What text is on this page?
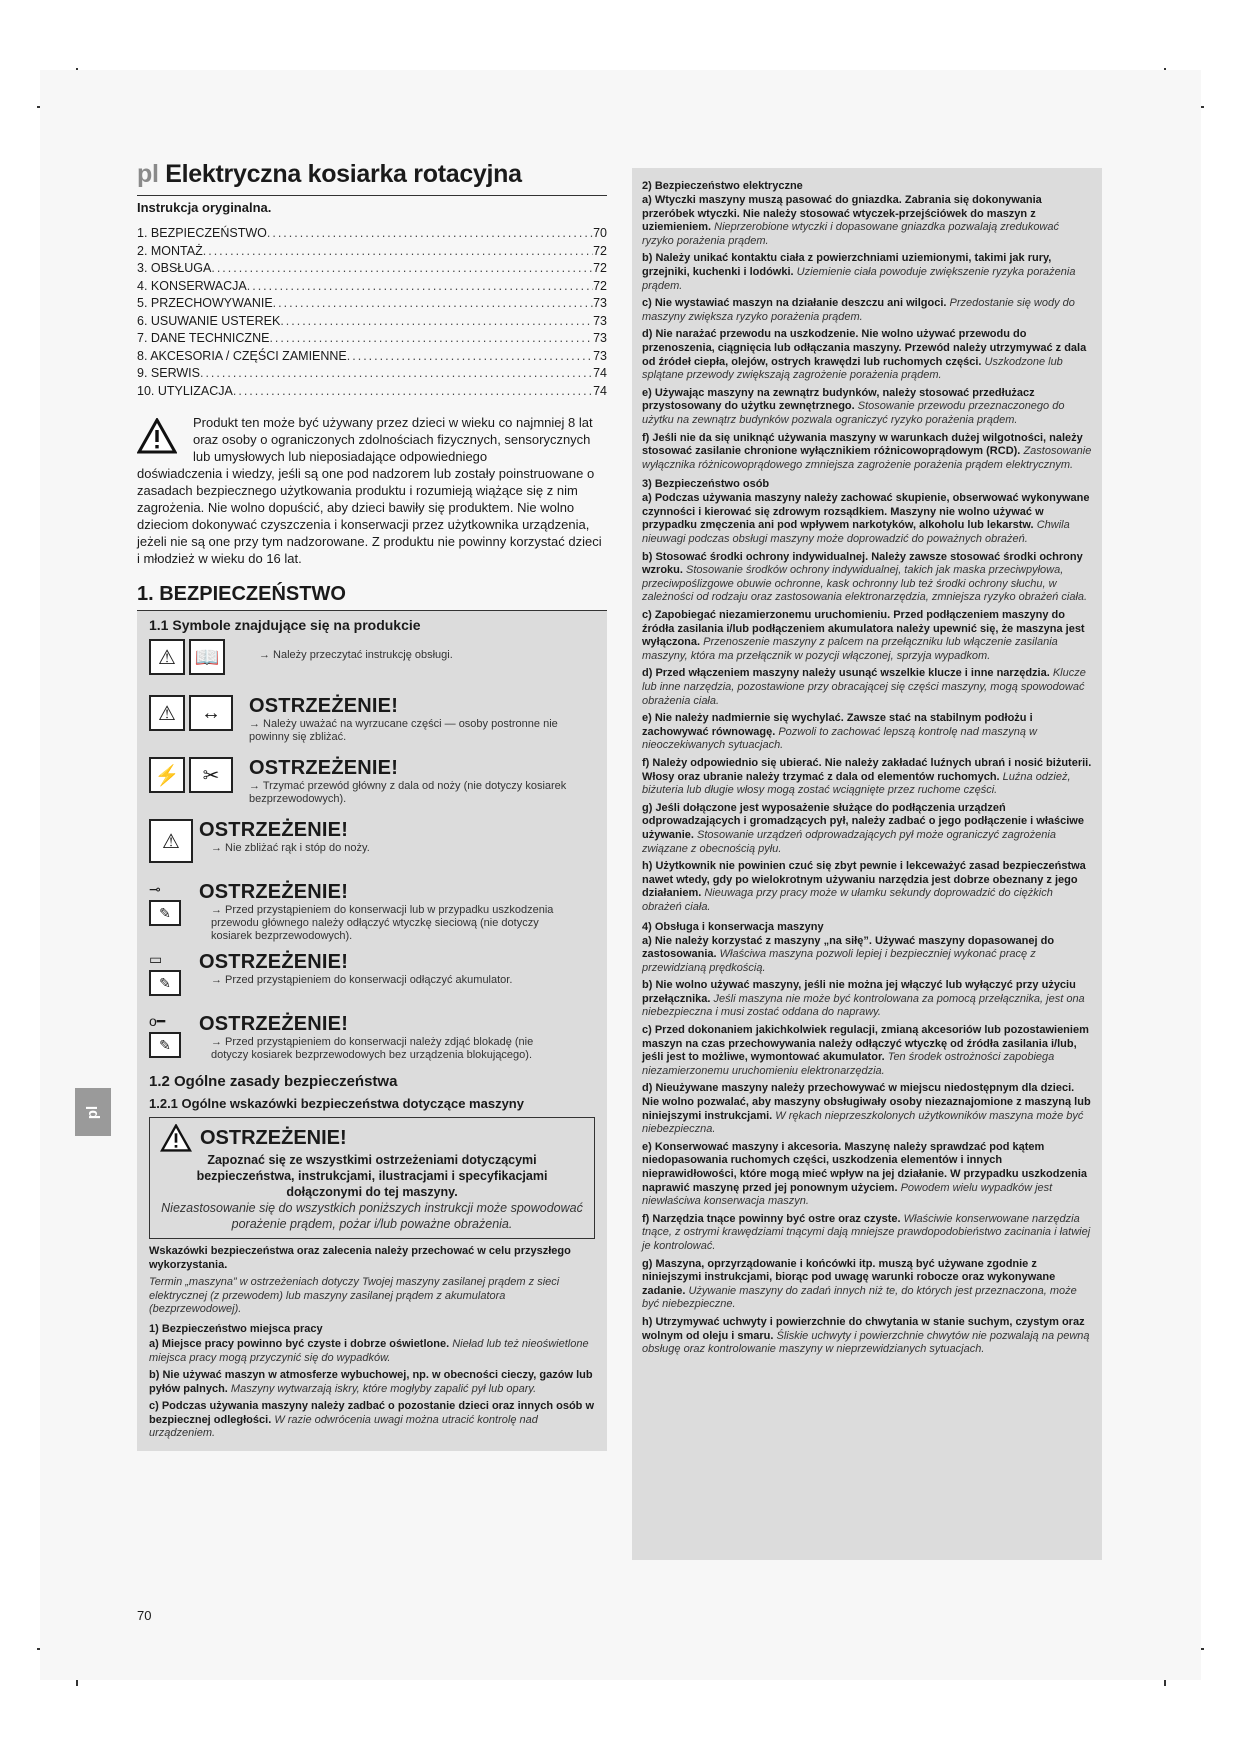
pl
pl Elektryczna kosiarka rotacyjna
Instrukcja oryginalna.
1. BEZPIECZEŃSTWO .....	70
2. MONTAŻ .....	72
3. OBSŁUGA .....	72
4. KONSERWACJA .....	72
5. PRZECHOWYWANIE .....	73
6. USUWANIE USTEREK .....	73
7. DANE TECHNICZNE .....	73
8. AKCESORIA / CZĘŚCI ZAMIENNE .....	73
9. SERWIS .....	74
10. UTYLIZACJA .....	74
Produkt ten może być używany przez dzieci w wieku co najmniej 8 lat oraz osoby o ograniczonych zdolnościach fizycznych, sensorycznych lub umysłowych lub nieposiadające odpowiedniego
doświadczenia i wiedzy, jeśli są one pod nadzorem lub zostały poinstruowane o zasadach bezpiecznego użytkowania produktu i rozumieją wiążące się z nim zagrożenia. Nie wolno dopuścić, aby dzieci bawiły się produktem. Nie wolno dzieciom dokonywać czyszczenia i konserwacji przez użytkownika urządzenia, jeżeli nie są one przy tym nadzorowane. Z produktu nie powinny korzystać dzieci i młodzież w wieku do 16 lat.
1. BEZPIECZEŃSTWO
1.1 Symbole znajdujące się na produkcie
⚠ 📖	→ Należy przeczytać instrukcję obsługi.
⚠	↔	OSTRZEŻENIE!
→ Należy uważać na wyrzucane części — osoby postronne nie powinny się zbliżać.
⚡	✂	OSTRZEŻENIE!
→ Trzymać przewód główny z dala od noży (nie dotyczy kosiarek bezprzewodowych).
⚠
OSTRZEŻENIE!
→ Nie zbliżać rąk i stóp do noży.
⊸
✎
OSTRZEŻENIE!
→ Przed przystąpieniem do konserwacji lub w przypadku uszkodzenia przewodu głównego należy odłączyć wtyczkę sieciową (nie dotyczy kosiarek bezprzewodowych).
▭
✎
OSTRZEŻENIE!
→ Przed przystąpieniem do konserwacji odłączyć akumulator.
o━
✎
OSTRZEŻENIE!
→ Przed przystąpieniem do konserwacji należy zdjąć blokadę (nie dotyczy kosiarek bezprzewodowych bez urządzenia blokującego).
1.2 Ogólne zasady bezpieczeństwa
1.2.1 Ogólne wskazówki bezpieczeństwa dotyczące maszyny
OSTRZEŻENIE!
Zapoznać się ze wszystkimi ostrzeżeniami dotyczącymi bezpieczeństwa, instrukcjami, ilustracjami i specyfikacjami dołączonymi do tej maszyny.
Niezastosowanie się do wszystkich poniższych instrukcji może spowodować porażenie prądem, pożar i/lub poważne obrażenia.
Wskazówki bezpieczeństwa oraz zalecenia należy przechować w celu przyszłego wykorzystania.
Termin „maszyna” w ostrzeżeniach dotyczy Twojej maszyny zasilanej prądem z sieci elektrycznej (z przewodem) lub maszyny zasilanej prądem z akumulatora (bezprzewodowej).
1) Bezpieczeństwo miejsca pracy
a) Miejsce pracy powinno być czyste i dobrze oświetlone. Nieład lub też nieoświetlone miejsca pracy mogą przyczynić się do wypadków.
b) Nie używać maszyn w atmosferze wybuchowej, np. w obecności cieczy, gazów lub pyłów palnych. Maszyny wytwarzają iskry, które mogłyby zapalić pył lub opary.
c) Podczas używania maszyny należy zadbać o pozostanie dzieci oraz innych osób w bezpiecznej odległości. W razie odwrócenia uwagi można utracić kontrolę nad urządzeniem.
2) Bezpieczeństwo elektryczne
a) Wtyczki maszyny muszą pasować do gniazdka. Zabrania się dokonywania przeróbek wtyczki. Nie należy stosować wtyczek-przejściówek do maszyn z uziemieniem. Nieprzerobione wtyczki i dopasowane gniazdka pozwalają zredukować ryzyko porażenia prądem.
b) Należy unikać kontaktu ciała z powierzchniami uziemionymi, takimi jak rury, grzejniki, kuchenki i lodówki. Uziemienie ciała powoduje zwiększenie ryzyka porażenia prądem.
c) Nie wystawiać maszyn na działanie deszczu ani wilgoci. Przedostanie się wody do maszyny zwiększa ryzyko porażenia prądem.
d) Nie narażać przewodu na uszkodzenie. Nie wolno używać przewodu do przenoszenia, ciągnięcia lub odłączania maszyny. Przewód należy utrzymywać z dala od źródeł ciepła, olejów, ostrych krawędzi lub ruchomych części. Uszkodzone lub splątane przewody zwiększają zagrożenie porażenia prądem.
e) Używając maszyny na zewnątrz budynków, należy stosować przedłużacz przystosowany do użytku zewnętrznego. Stosowanie przewodu przeznaczonego do użytku na zewnątrz budynków pozwala ograniczyć ryzyko porażenia prądem.
f) Jeśli nie da się uniknąć używania maszyny w warunkach dużej wilgotności, należy stosować zasilanie chronione wyłącznikiem różnicowoprądowym (RCD). Zastosowanie wyłącznika różnicowoprądowego zmniejsza zagrożenie porażenia prądem elektrycznym.
3) Bezpieczeństwo osób
a) Podczas używania maszyny należy zachować skupienie, obserwować wykonywane czynności i kierować się zdrowym rozsądkiem. Maszyny nie wolno używać w przypadku zmęczenia ani pod wpływem narkotyków, alkoholu lub lekarstw. Chwila nieuwagi podczas obsługi maszyny może doprowadzić do poważnych obrażeń.
b) Stosować środki ochrony indywidualnej. Należy zawsze stosować środki ochrony wzroku. Stosowanie środków ochrony indywidualnej, takich jak maska przeciwpyłowa, przeciwpoślizgowe obuwie ochronne, kask ochronny lub też środki ochrony słuchu, w zależności od rodzaju oraz zastosowania elektronarzędzia, zmniejsza ryzyko obrażeń ciała.
c) Zapobiegać niezamierzonemu uruchomieniu. Przed podłączeniem maszyny do źródła zasilania i/lub podłączeniem akumulatora należy upewnić się, że maszyna jest wyłączona. Przenoszenie maszyny z palcem na przełączniku lub włączenie zasilania maszyny, która ma przełącznik w pozycji włączonej, sprzyja wypadkom.
d) Przed włączeniem maszyny należy usunąć wszelkie klucze i inne narzędzia. Klucze lub inne narzędzia, pozostawione przy obracającej się części maszyny, mogą spowodować obrażenia ciała.
e) Nie należy nadmiernie się wychylać. Zawsze stać na stabilnym podłożu i zachowywać równowagę. Pozwoli to zachować lepszą kontrolę nad maszyną w nieoczekiwanych sytuacjach.
f) Należy odpowiednio się ubierać. Nie należy zakładać luźnych ubrań i nosić biżuterii. Włosy oraz ubranie należy trzymać z dala od elementów ruchomych. Luźna odzież, biżuteria lub długie włosy mogą zostać wciągnięte przez ruchome części.
g) Jeśli dołączone jest wyposażenie służące do podłączenia urządzeń odprowadzających i gromadzących pył, należy zadbać o jego podłączenie i właściwe używanie. Stosowanie urządzeń odprowadzających pył może ograniczyć zagrożenia związane z obecnością pyłu.
h) Użytkownik nie powinien czuć się zbyt pewnie i lekceważyć zasad bezpieczeństwa nawet wtedy, gdy po wielokrotnym używaniu narzędzia jest dobrze obeznany z jego działaniem. Nieuwaga przy pracy może w ułamku sekundy doprowadzić do ciężkich obrażeń ciała.
4) Obsługa i konserwacja maszyny
a) Nie należy korzystać z maszyny „na siłę”. Używać maszyny dopasowanej do zastosowania. Właściwa maszyna pozwoli lepiej i bezpieczniej wykonać pracę z przewidzianą prędkością.
b) Nie wolno używać maszyny, jeśli nie można jej włączyć lub wyłączyć przy użyciu przełącznika. Jeśli maszyna nie może być kontrolowana za pomocą przełącznika, jest ona niebezpieczna i musi zostać oddana do naprawy.
c) Przed dokonaniem jakichkolwiek regulacji, zmianą akcesoriów lub pozostawieniem maszyn na czas przechowywania należy odłączyć wtyczkę od źródła zasilania i/lub, jeśli jest to możliwe, wymontować akumulator. Ten środek ostrożności zapobiega niezamierzonemu uruchomieniu elektronarzędzia.
d) Nieużywane maszyny należy przechowywać w miejscu niedostępnym dla dzieci. Nie wolno pozwalać, aby maszyny obsługiwały osoby niezaznajomione z maszyną lub niniejszymi instrukcjami. W rękach nieprzeszkolonych użytkowników maszyna może być niebezpieczna.
e) Konserwować maszyny i akcesoria. Maszynę należy sprawdzać pod kątem niedopasowania ruchomych części, uszkodzenia elementów i innych nieprawidłowości, które mogą mieć wpływ na jej działanie. W przypadku uszkodzenia naprawić maszynę przed jej ponownym użyciem. Powodem wielu wypadków jest niewłaściwa konserwacja maszyn.
f) Narzędzia tnące powinny być ostre oraz czyste. Właściwie konserwowane narzędzia tnące, z ostrymi krawędziami tnącymi dają mniejsze prawdopodobieństwo zacinania i łatwiej je kontrolować.
g) Maszyna, oprzyrządowanie i końcówki itp. muszą być używane zgodnie z niniejszymi instrukcjami, biorąc pod uwagę warunki robocze oraz wykonywane zadanie. Używanie maszyny do zadań innych niż te, do których jest przeznaczona, może być niebezpieczne.
h) Utrzymywać uchwyty i powierzchnie do chwytania w stanie suchym, czystym oraz wolnym od oleju i smaru. Śliskie uchwyty i powierzchnie chwytów nie pozwalają na pewną obsługę oraz kontrolowanie maszyny w nieprzewidzianych sytuacjach.
70
